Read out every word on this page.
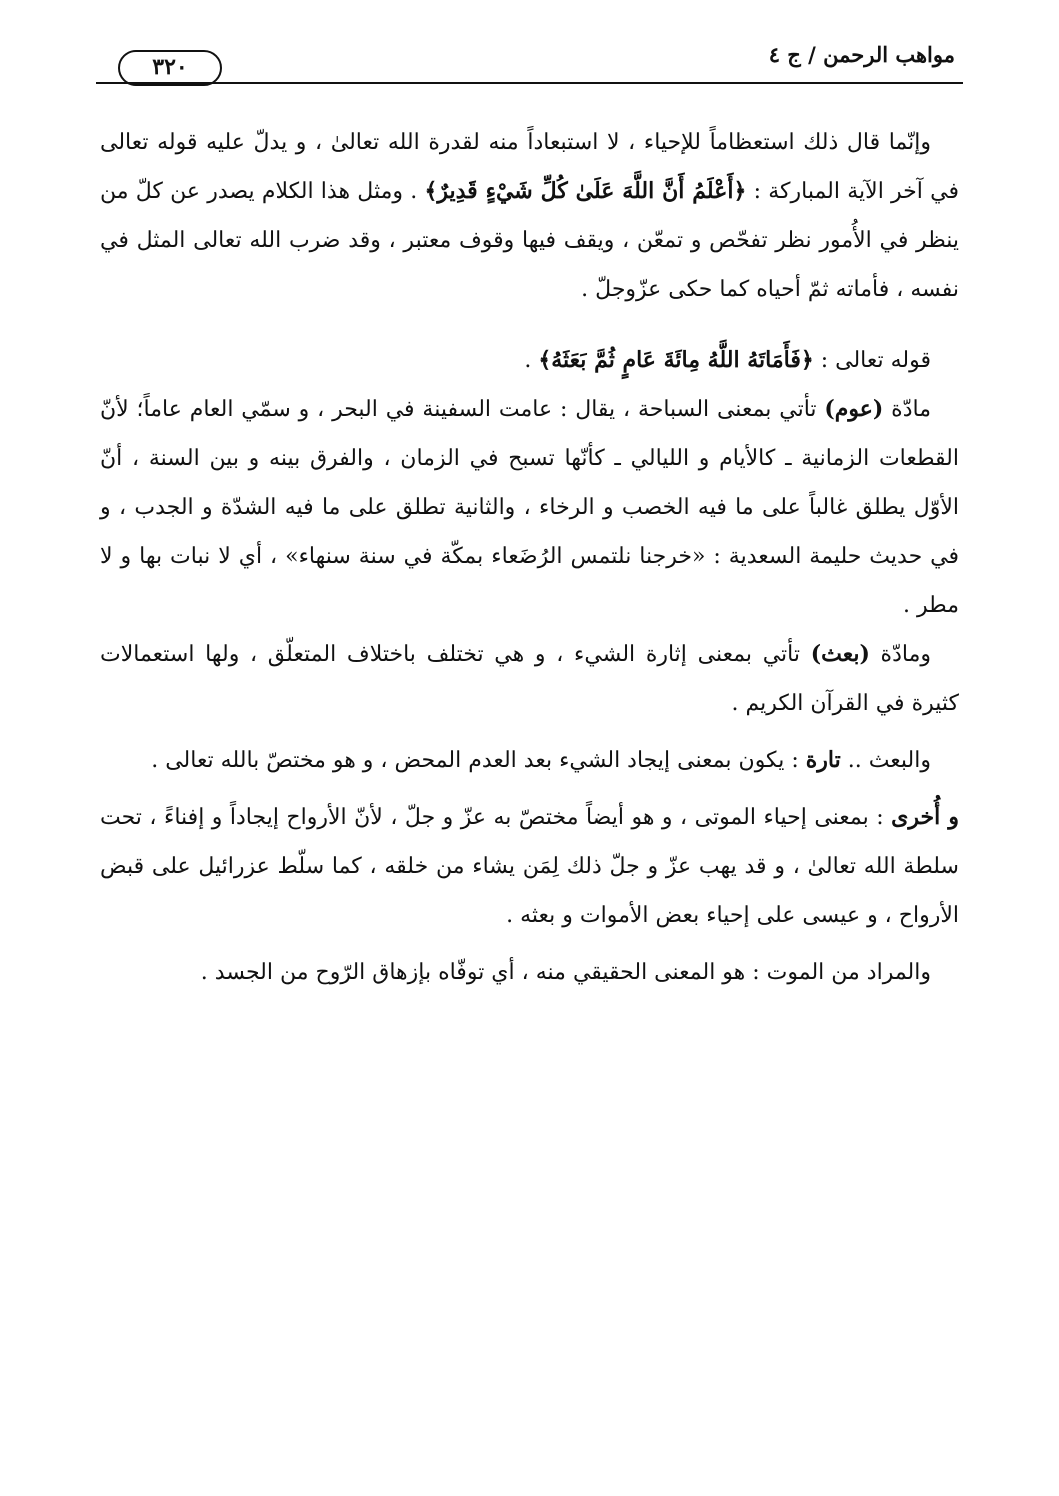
مواهب الرحمن / ج ٤
٣٢٠

وإنّما قال ذلك استعظاماً للإحياء ، لا استبعاداً منه لقدرة الله تعالىٰ ، و يدلّ عليه قوله تعالى في آخر الآية المباركة : ﴿أَعْلَمُ أَنَّ اللَّهَ عَلَىٰ كُلِّ شَيْءٍ قَدِيرٌ﴾ . ومثل هذا الكلام يصدر عن كلّ من ينظر في الأُمور نظر تفحّص و تمعّن ، ويقف فيها وقوف معتبر ، وقد ضرب الله تعالى المثل في نفسه ، فأماته ثمّ أحياه كما حكى عزّوجلّ .

قوله تعالى : ﴿فَأَمَاتَهُ اللَّهُ مِائَةَ عَامٍ ثُمَّ بَعَثَهُ﴾ .

مادّة (عوم) تأتي بمعنى السباحة ، يقال : عامت السفينة في البحر ، و سمّي العام عاماً؛ لأنّ القطعات الزمانية ـ كالأيام و الليالي ـ كأنّها تسبح في الزمان ، والفرق بينه و بين السنة ، أنّ الأوّل يطلق غالباً على ما فيه الخصب و الرخاء ، والثانية تطلق على ما فيه الشدّة و الجدب ، و في حديث حليمة السعدية : «خرجنا نلتمس الرُضَعاء بمكّة في سنة سنهاء» ، أي لا نبات بها و لا مطر .

ومادّة (بعث) تأتي بمعنى إثارة الشيء ، و هي تختلف باختلاف المتعلّق ، ولها استعمالات كثيرة في القرآن الكريم .

والبعث .. تارة : يكون بمعنى إيجاد الشيء بعد العدم المحض ، و هو مختصّ بالله تعالى .

و أُخرى : بمعنى إحياء الموتى ، و هو أيضاً مختصّ به عزّ و جلّ ، لأنّ الأرواح إيجاداً و إفناءً ، تحت سلطة الله تعالىٰ ، و قد يهب عزّ و جلّ ذلك لِمَن يشاء من خلقه ، كما سلّط عزرائيل على قبض الأرواح ، و عيسى على إحياء بعض الأموات و بعثه .

والمراد من الموت : هو المعنى الحقيقي منه ، أي توفّاه بإزهاق الرّوح من الجسد .
